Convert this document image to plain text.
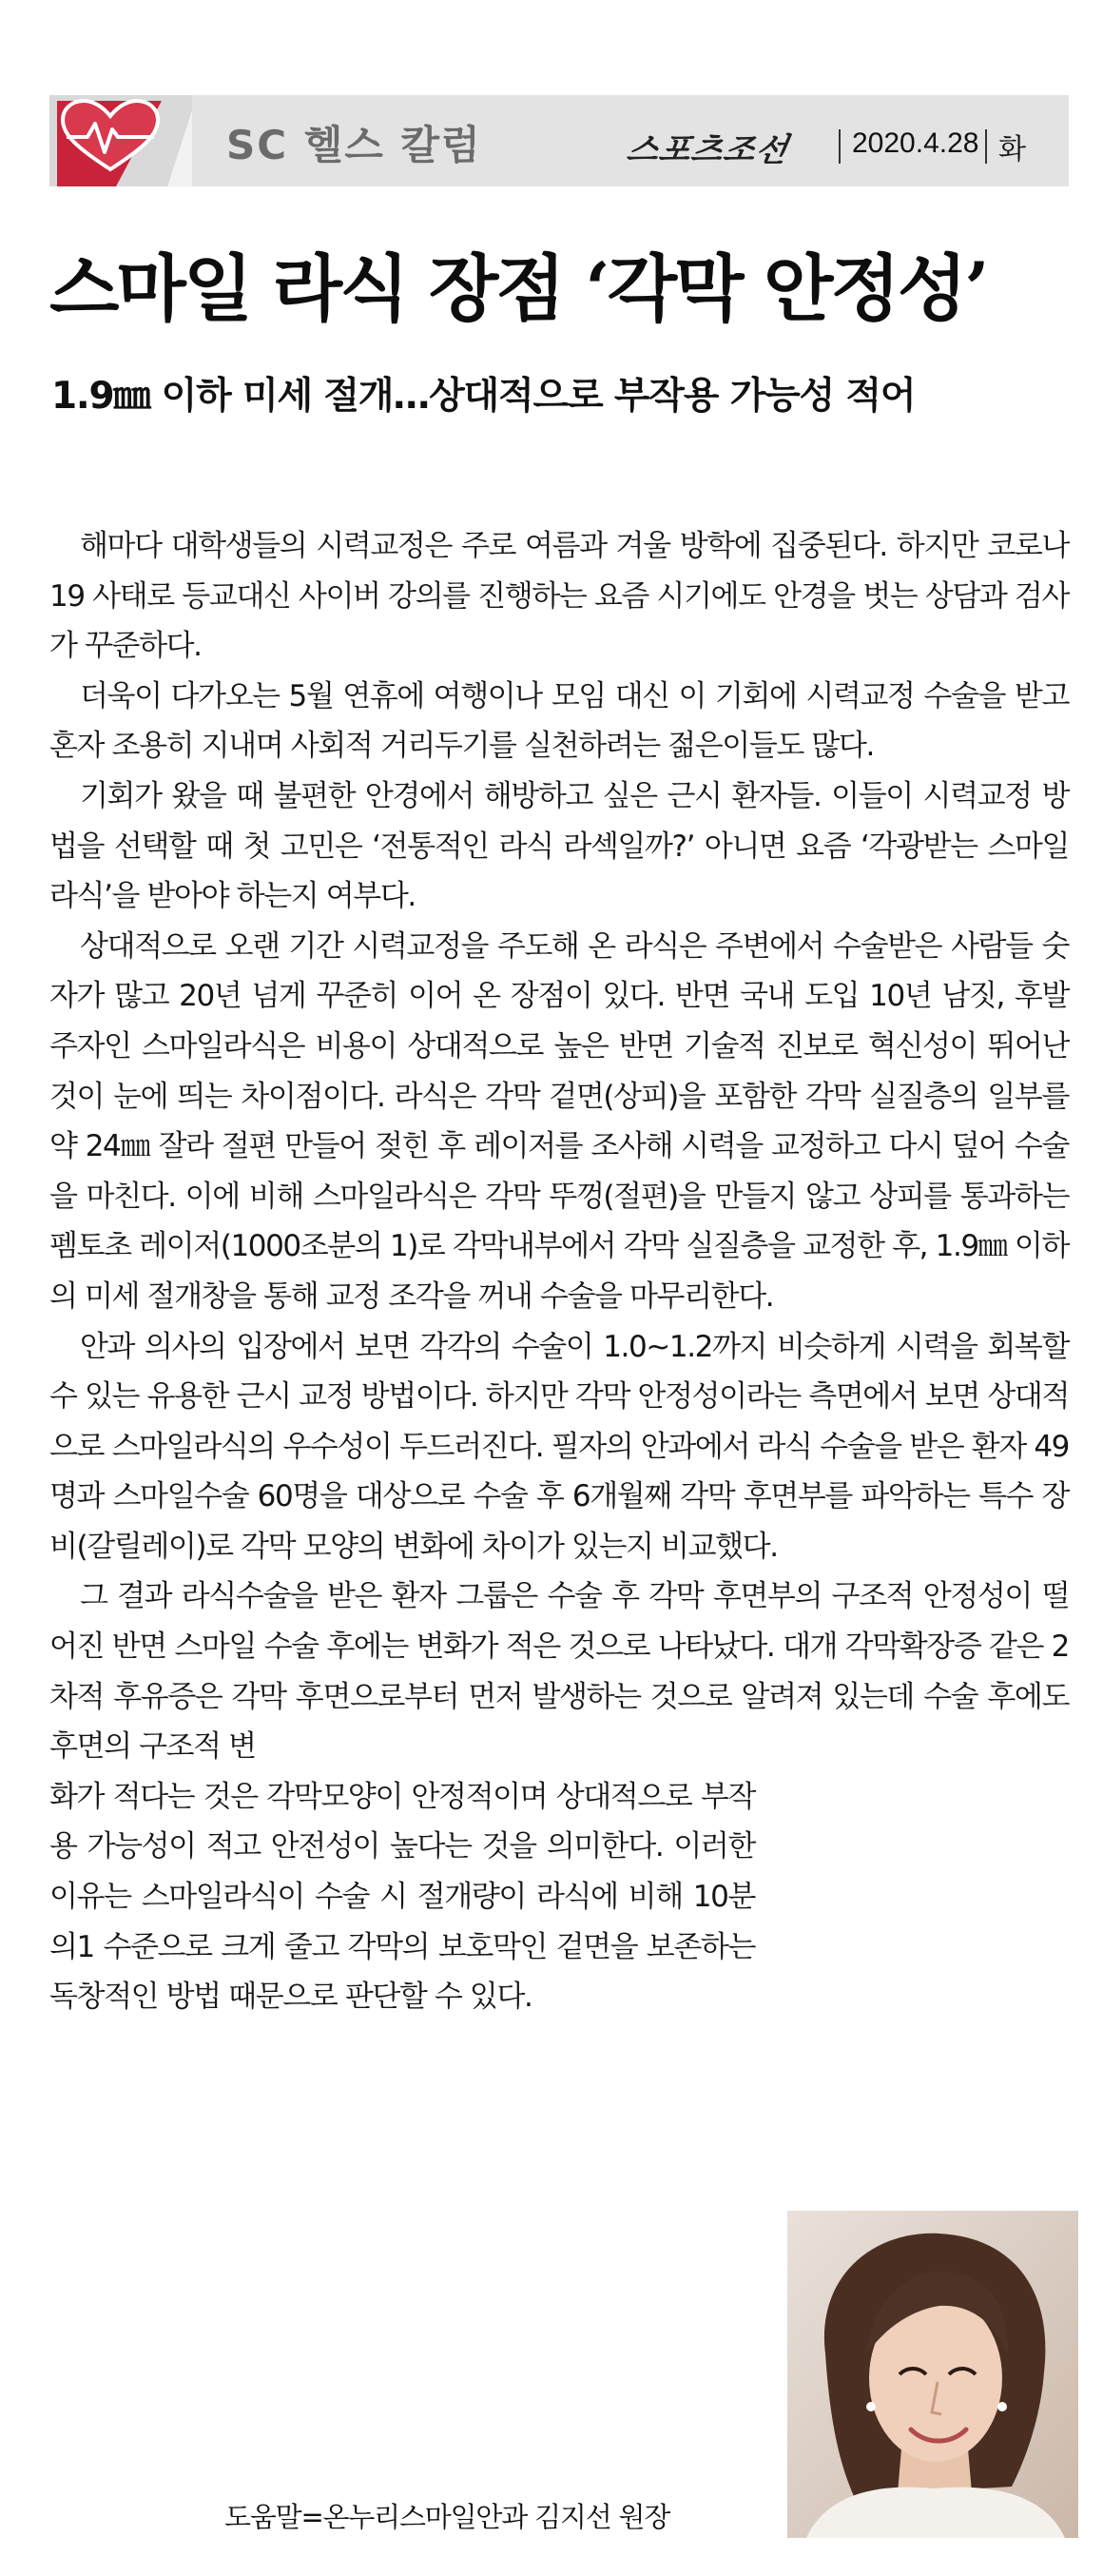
SC 헬스 칼럼	스포츠조선 2020.4.28 화
스마일 라식 장점 ‘각막 안정성’
1.9㎜ 이하 미세 절개…상대적으로 부작용 가능성 적어

해마다 대학생들의 시력교정은 주로 여름과 겨울 방학에 집중된다. 하지만 코로나19 사태로 등교대신 사이버 강의를 진행하는 요즘 시기에도 안경을 벗는 상담과 검사가 꾸준하다.

더욱이 다가오는 5월 연휴에 여행이나 모임 대신 이 기회에 시력교정 수술을 받고 혼자 조용히 지내며 사회적 거리두기를 실천하려는 젊은이들도 많다.

기회가 왔을 때 불편한 안경에서 해방하고 싶은 근시 환자들. 이들이 시력교정 방법을 선택할 때 첫 고민은 ‘전통적인 라식 라섹일까?’ 아니면 요즘 ‘각광받는 스마일라식’을 받아야 하는지 여부다.

상대적으로 오랜 기간 시력교정을 주도해 온 라식은 주변에서 수술받은 사람들 숫자가 많고 20년 넘게 꾸준히 이어 온 장점이 있다. 반면 국내 도입 10년 남짓, 후발 주자인 스마일라식은 비용이 상대적으로 높은 반면 기술적 진보로 혁신성이 뛰어난 것이 눈에 띄는 차이점이다. 라식은 각막 겉면(상피)을 포함한 각막 실질층의 일부를 약 24㎜ 잘라 절편 만들어 젖힌 후 레이저를 조사해 시력을 교정하고 다시 덮어 수술을 마친다. 이에 비해 스마일라식은 각막 뚜껑(절편)을 만들지 않고 상피를 통과하는 펨토초 레이저(1000조분의 1)로 각막내부에서 각막 실질층을 교정한 후, 1.9㎜ 이하의 미세 절개창을 통해 교정 조각을 꺼내 수술을 마무리한다.

안과 의사의 입장에서 보면 각각의 수술이 1.0~1.2까지 비슷하게 시력을 회복할 수 있는 유용한 근시 교정 방법이다. 하지만 각막 안정성이라는 측면에서 보면 상대적으로 스마일라식의 우수성이 두드러진다. 필자의 안과에서 라식 수술을 받은 환자 49명과 스마일수술 60명을 대상으로 수술 후 6개월째 각막 후면부를 파악하는 특수 장비(갈릴레이)로 각막 모양의 변화에 차이가 있는지 비교했다.

그 결과 라식수술을 받은 환자 그룹은 수술 후 각막 후면부의 구조적 안정성이 떨어진 반면 스마일 수술 후에는 변화가 적은 것으로 나타났다. 대개 각막확장증 같은 2차적 후유증은 각막 후면으로부터 먼저 발생하는 것으로 알려져 있는데 수술 후에도 후면의 구조적 변

화가 적다는 것은 각막모양이 안정적이며 상대적으로 부작용 가능성이 적고 안전성이 높다는 것을 의미한다. 이러한 이유는 스마일라식이 수술 시 절개량이 라식에 비해 10분의1 수준으로 크게 줄고 각막의 보호막인 겉면을 보존하는 독창적인 방법 때문으로 판단할 수 있다.

도움말=온누리스마일안과 김지선 원장
